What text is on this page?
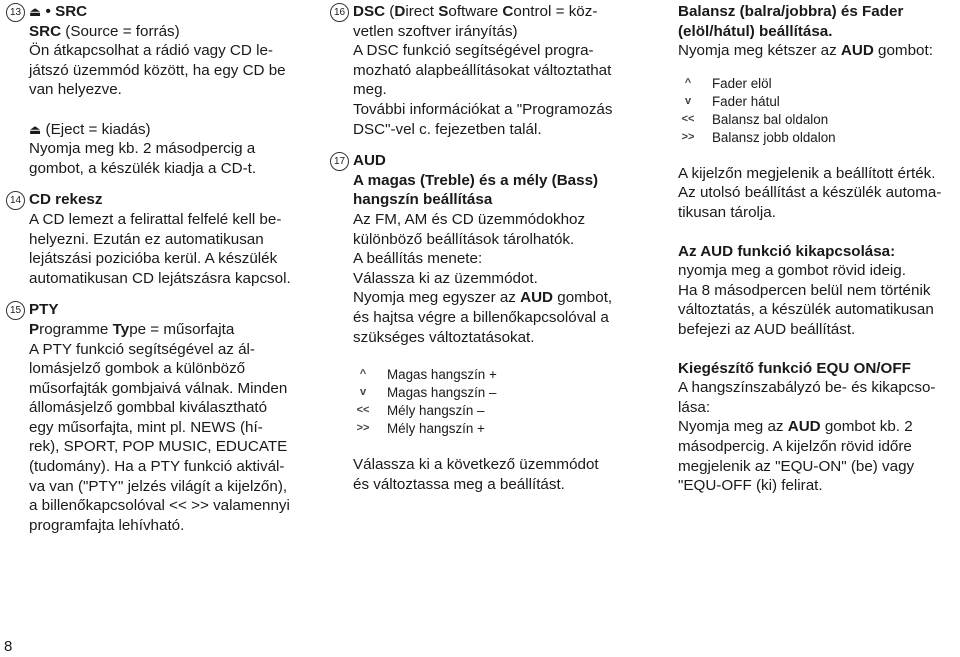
13 ⏏ • SRC
SRC (Source = forrás)
Ön átkapcsolhat a rádió vagy CD le-
játszó üzemmód között, ha egy CD be
van helyezve.
⏏ (Eject = kiadás)
Nyomja meg kb. 2 másodpercig a
gombot, a készülék kiadja a CD-t.
14 CD rekesz
A CD lemezt a felirattal felfelé kell be-
helyezni. Ezután ez automatikusan
lejátszási pozicióba kerül. A készülék
automatikusan CD lejátszásra kapcsol.
15 PTY
Programme Type = műsorfajta
A PTY funkció segítségével az ál-
lomásjelző gombok a különböző
műsorfajták gombjaivá válnak. Minden
állomásjelző gombbal kiválasztható
egy műsorfajta, mint pl. NEWS (hí-
rek), SPORT, POP MUSIC, EDUCATE
(tudomány). Ha a PTY funkció aktivál-
va van ("PTY" jelzés világít a kijelzőn),
a billenőkapcsolóval << >> valamennyi
programfajta lehívható.
16 DSC (Direct Software Control = köz-
vetlen szoftver irányítás)
A DSC funkció segítségével progra-
mozható alapbeállításokat változtathat
meg.
További információkat a "Programozás
DSC"-vel c. fejezetben talál.
17 AUD
A magas (Treble) és a mély (Bass)
hangszín beállítása
Az FM, AM és CD üzemmódokhoz
különböző beállítások tárolhatók.
A beállítás menete:
Válassza ki az üzemmódot.
Nyomja meg egyszer az AUD gombot,
és hajtsa végre a billenőkapcsolóval a
szükséges változtatásokat.
^	Magas hangszín +
v	Magas hangszín –
<< Mély hangszín –
>> Mély hangszín +
Válassza ki a következő üzemmódot
és változtassa meg a beállítást.
Balansz (balra/jobbra) és Fader
(elöl/hátul) beállítása.
Nyomja meg kétszer az AUD gombot:
^	Fader elöl
v	Fader hátul
<< Balansz bal oldalon
>> Balansz jobb oldalon
A kijelzőn megjelenik a beállított érték.
Az utolsó beállítást a készülék automa-
tikusan tárolja.
Az AUD funkció kikapcsolása:
nyomja meg a gombot rövid ideig.
Ha 8 másodpercen belül nem történik
változtatás, a készülék automatikusan
befejezi az AUD beállítást.
Kiegészítő funkció EQU ON/OFF
A hangszínszabályzó be- és kikapcso-
lása:
Nyomja meg az AUD gombot kb. 2
másodpercig. A kijelzőn rövid időre
megjelenik az "EQU-ON" (be) vagy
"EQU-OFF (ki) felirat.
8
